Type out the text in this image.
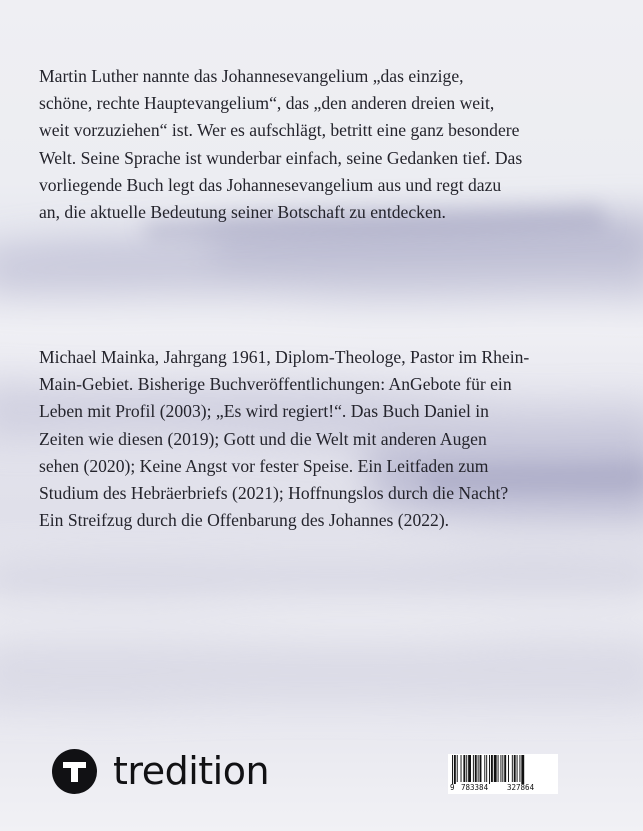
Martin Luther nannte das Johannesevangelium „das einzige,
schöne, rechte Hauptevangelium“, das „den anderen dreien weit,
weit vorzuziehen“ ist. Wer es aufschlägt, betritt eine ganz besondere
Welt. Seine Sprache ist wunderbar einfach, seine Gedanken tief. Das
vorliegende Buch legt das Johannesevangelium aus und regt dazu
an, die aktuelle Bedeutung seiner Botschaft zu entdecken.
Michael Mainka, Jahrgang 1961, Diplom-Theologe, Pastor im Rhein-
Main-Gebiet. Bisherige Buchveröffentlichungen: AnGebote für ein
Leben mit Profil (2003); „Es wird regiert!“. Das Buch Daniel in
Zeiten wie diesen (2019); Gott und die Welt mit anderen Augen
sehen (2020); Keine Angst vor fester Speise. Ein Leitfaden zum
Studium des Hebräerbriefs (2021); Hoffnungslos durch die Nacht?
Ein Streifzug durch die Offenbarung des Johannes (2022).
tredition	9 783384	327864
